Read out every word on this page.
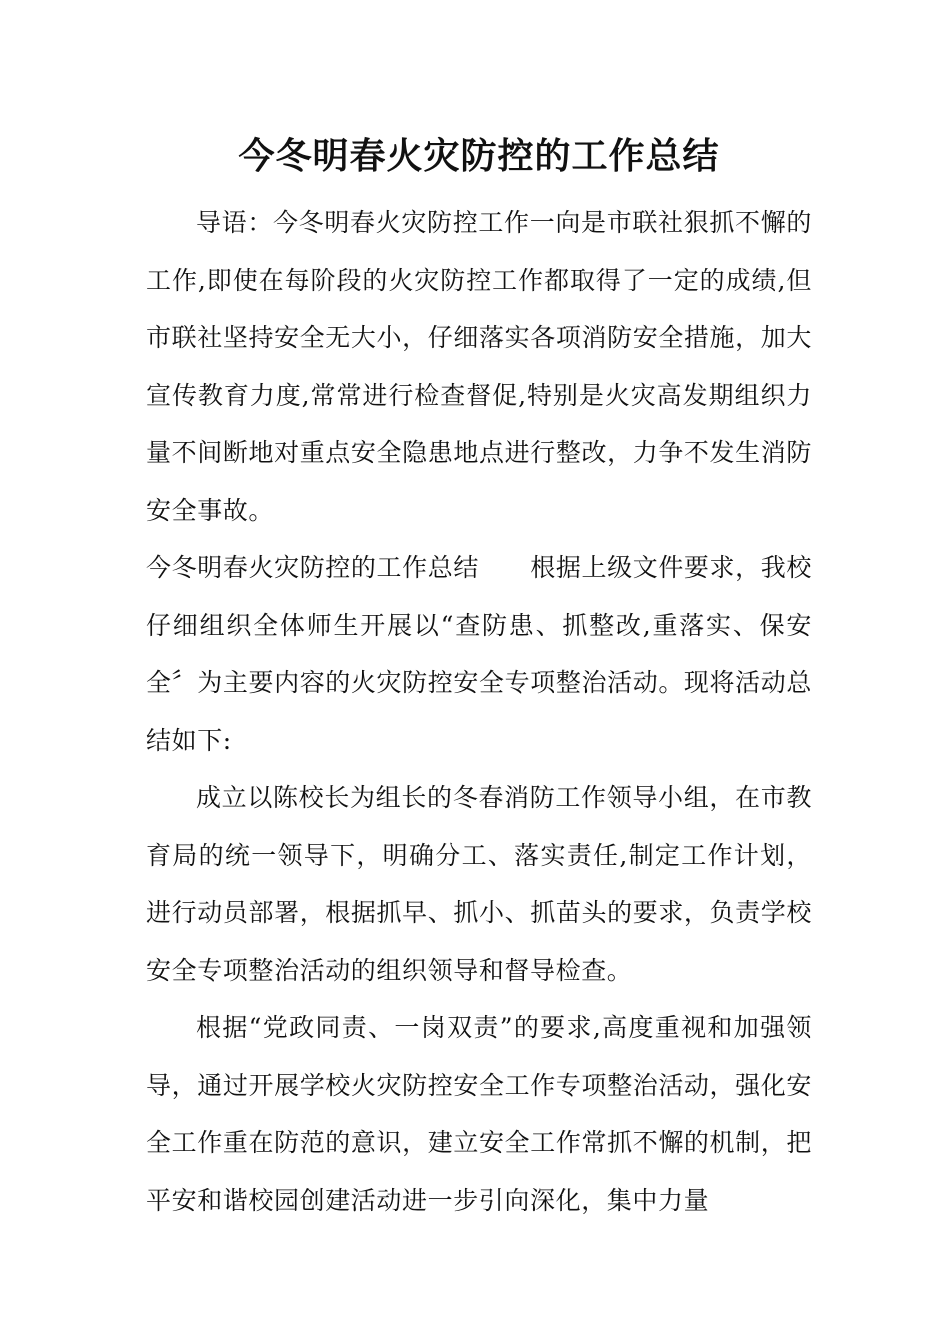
今冬明春火灾防控的工作总结

导语：今冬明春火灾防控工作一向是市联社狠抓不懈的工作,即使在每阶段的火灾防控工作都取得了一定的成绩,但市联社坚持安全无大小，仔细落实各项消防安全措施，加大宣传教育力度,常常进行检查督促,特别是火灾高发期组织力量不间断地对重点安全隐患地点进行整改，力争不发生消防安全事故。

今冬明春火灾防控的工作总结　　根据上级文件要求，我校仔细组织全体师生开展以“查防患、抓整改,重落实、保安全〞为主要内容的火灾防控安全专项整治活动。现将活动总结如下:

成立以陈校长为组长的冬春消防工作领导小组，在市教育局的统一领导下，明确分工、落实责任,制定工作计划，进行动员部署，根据抓早、抓小、抓苗头的要求，负责学校安全专项整治活动的组织领导和督导检查。

根据“党政同责、一岗双责”的要求,高度重视和加强领导，通过开展学校火灾防控安全工作专项整治活动，强化安全工作重在防范的意识，建立安全工作常抓不懈的机制，把平安和谐校园创建活动进一步引向深化，集中力量
